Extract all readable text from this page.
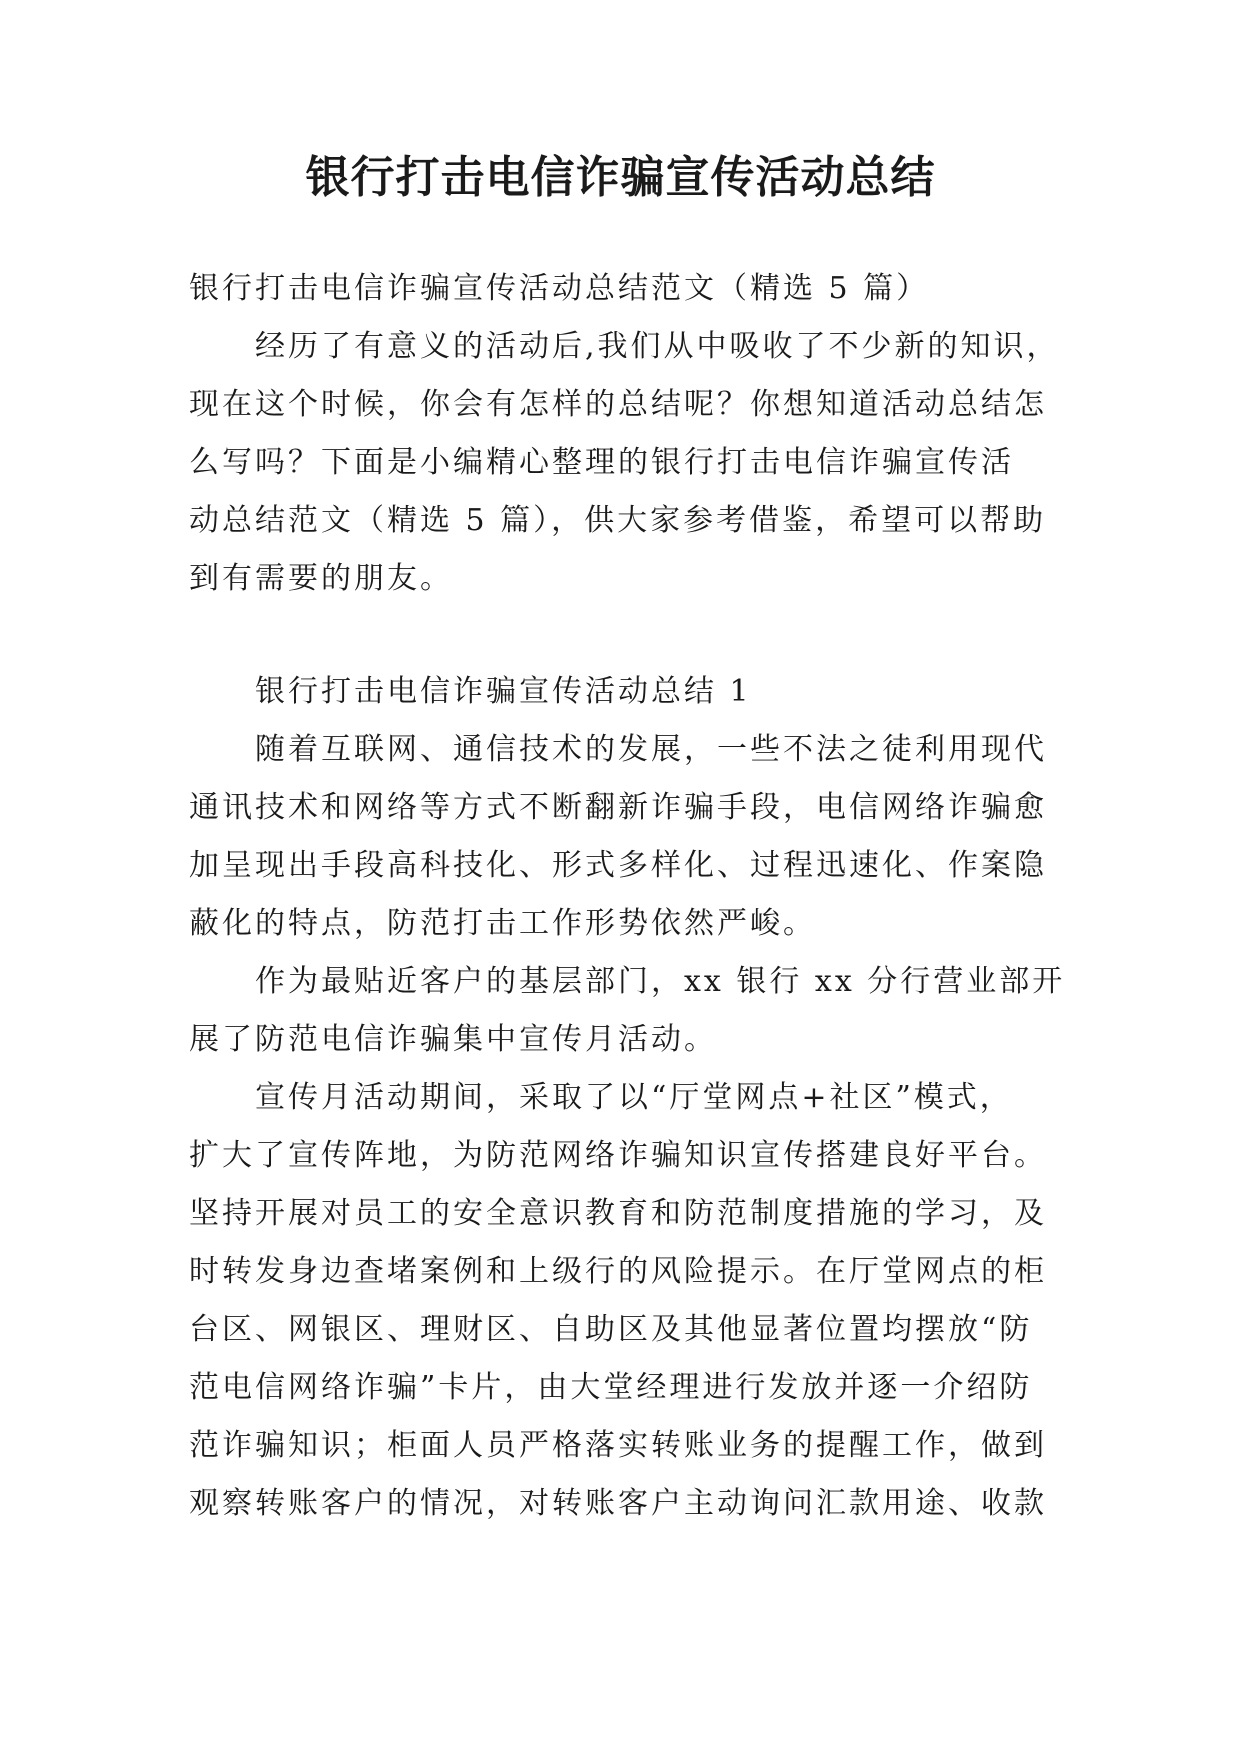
银行打击电信诈骗宣传活动总结
银行打击电信诈骗宣传活动总结范文（精选 5 篇）
经历了有意义的活动后,我们从中吸收了不少新的知识，
现在这个时候，你会有怎样的总结呢？你想知道活动总结怎
么写吗？下面是小编精心整理的银行打击电信诈骗宣传活
动总结范文（精选 5 篇），供大家参考借鉴，希望可以帮助
到有需要的朋友。
银行打击电信诈骗宣传活动总结 1
随着互联网、通信技术的发展，一些不法之徒利用现代
通讯技术和网络等方式不断翻新诈骗手段，电信网络诈骗愈
加呈现出手段高科技化、形式多样化、过程迅速化、作案隐
蔽化的特点，防范打击工作形势依然严峻。
作为最贴近客户的基层部门，xx 银行 xx 分行营业部开
展了防范电信诈骗集中宣传月活动。
宣传月活动期间，采取了以“厅堂网点+社区”模式，
扩大了宣传阵地，为防范网络诈骗知识宣传搭建良好平台。
坚持开展对员工的安全意识教育和防范制度措施的学习，及
时转发身边查堵案例和上级行的风险提示。在厅堂网点的柜
台区、网银区、理财区、自助区及其他显著位置均摆放“防
范电信网络诈骗”卡片，由大堂经理进行发放并逐一介绍防
范诈骗知识；柜面人员严格落实转账业务的提醒工作，做到
观察转账客户的情况，对转账客户主动询问汇款用途、收款
